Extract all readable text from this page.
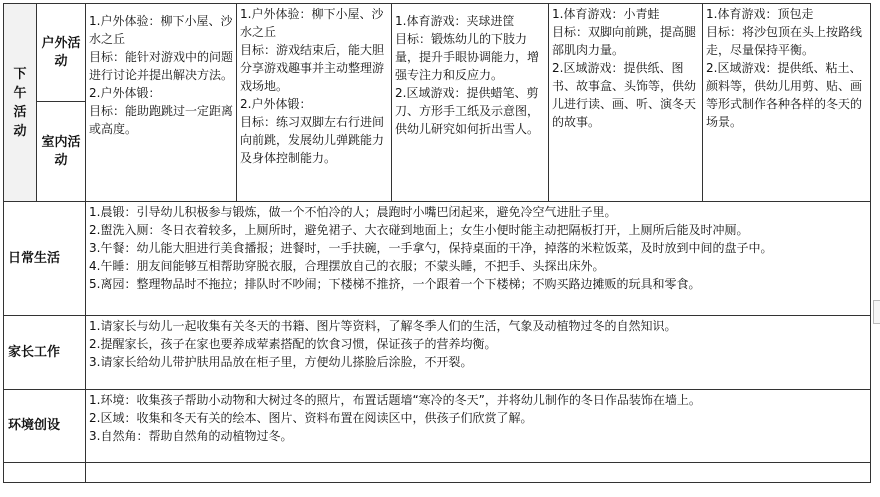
下
午
活
动	户外活动	1.户外体验：柳下小屋、沙水之丘
目标：能针对游戏中的问题进行讨论并提出解决方法。
2.户外体锻：
目标：能助跑跳过一定距离或高度。	1.户外体验：柳下小屋、沙水之丘
目标：游戏结束后，能大胆分享游戏趣事并主动整理游戏场地。
2.户外体锻：
目标：练习双脚左右行进间向前跳，发展幼儿弹跳能力及身体控制能力。	1.体育游戏：夹球进筐
目标：锻炼幼儿的下肢力量，提升手眼协调能力，增强专注力和反应力。
2.区域游戏：提供蜡笔、剪刀、方形手工纸及示意图，供幼儿研究如何折出雪人。	1.体育游戏：小青蛙
目标：双脚向前跳，提高腿部肌肉力量。
2.区域游戏：提供纸、图书、故事盒、头饰等，供幼儿进行读、画、听、演冬天的故事。	1.体育游戏：顶包走
目标：将沙包顶在头上按路线走，尽量保持平衡。
2.区域游戏：提供纸、粘土、颜料等，供幼儿用剪、贴、画等形式制作各种各样的冬天的场景。

	室内活动					
日常生活		1.晨锻：引导幼儿积极参与锻炼，做一个不怕冷的人；晨跑时小嘴巴闭起来，避免冷空气进肚子里。
2.盥洗入厕：冬日衣着较多，上厕所时，避免裙子、大衣碰到地面上；女生小便时能主动把隔板打开，上厕所后能及时冲厕。
3.午餐：幼儿能大胆进行美食播报；进餐时，一手扶碗，一手拿勺，保持桌面的干净，掉落的米粒饭菜，及时放到中间的盘子中。
4.午睡：朋友间能够互相帮助穿脱衣服，合理摆放自己的衣服；不蒙头睡，不把手、头探出床外。
5.离园：整理物品时不拖拉；排队时不吵闹；下楼梯不推挤，一个跟着一个下楼梯；不购买路边摊贩的玩具和零食。				

家长工作		1.请家长与幼儿一起收集有关冬天的书籍、图片等资料，了解冬季人们的生活，气象及动植物过冬的自然知识。
2.提醒家长，孩子在家也要养成荤素搭配的饮食习惯，保证孩子的营养均衡。
3.请家长给幼儿带护肤用品放在柜子里，方便幼儿搽脸后涂脸，不开裂。				

环境创设		1.环境：收集孩子帮助小动物和大树过冬的照片，布置话题墙“寒冷的冬天”，并将幼儿制作的冬日作品装饰在墙上。
2.区域：收集和冬天有关的绘本、图片、资料布置在阅读区中，供孩子们欣赏了解。
3.自然角：帮助自然角的动植物过冬。				
